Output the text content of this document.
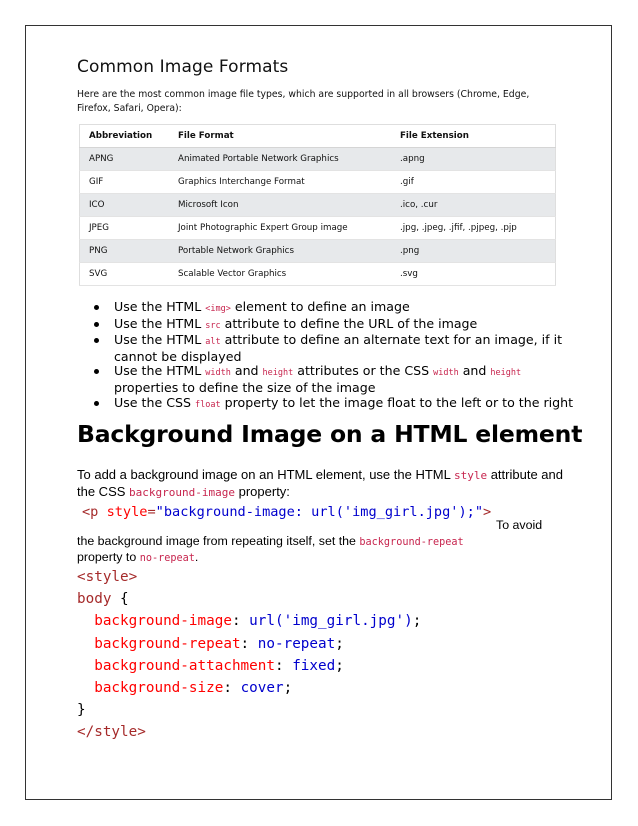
Common Image Formats
Here are the most common image file types, which are supported in all browsers (Chrome, Edge, Firefox, Safari, Opera):
Abbreviation	File Format	File Extension
APNG	Animated Portable Network Graphics	.apng
GIF	Graphics Interchange Format	.gif
ICO	Microsoft Icon	.ico, .cur
JPEG	Joint Photographic Expert Group image	.jpg, .jpeg, .jfif, .pjpeg, .pjp
PNG	Portable Network Graphics	.png
SVG	Scalable Vector Graphics	.svg
Use the HTML <img> element to define an image
Use the HTML src attribute to define the URL of the image
Use the HTML alt attribute to define an alternate text for an image, if it cannot be displayed
Use the HTML width and height attributes or the CSS width and height properties to define the size of the image
Use the CSS float property to let the image float to the left or to the right
Background Image on a HTML element
To add a background image on an HTML element, use the HTML style attribute and the CSS background-image property:
<p style="background-image: url('img_girl.jpg');">
To avoid
the background image from repeating itself, set the background-repeat property to no-repeat.
<style>
body {
background-image: url('img_girl.jpg');
background-repeat: no-repeat;
background-attachment: fixed;
background-size: cover;
}
</style>
